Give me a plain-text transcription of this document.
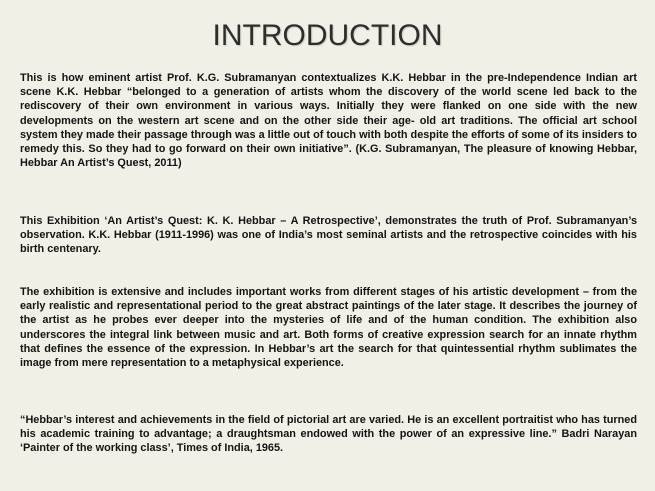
INTRODUCTION

This is how eminent artist Prof. K.G. Subramanyan contextualizes K.K. Hebbar in the pre-Independence Indian art scene K.K. Hebbar “belonged to a generation of artists whom the discovery of the world scene led back to the rediscovery of their own environment in various ways. Initially they were flanked on one side with the new developments on the western art scene and on the other side their age- old art traditions. The official art school system they made their passage through was a little out of touch with both despite the efforts of some of its insiders to remedy this. So they had to go forward on their own initiative”. (K.G. Subramanyan, The pleasure of knowing Hebbar, Hebbar An Artist’s Quest, 2011)

This Exhibition ‘An Artist’s Quest: K. K. Hebbar – A Retrospective’, demonstrates the truth of Prof. Subramanyan’s observation. K.K. Hebbar (1911-1996) was one of India’s most seminal artists and the retrospective coincides with his birth centenary.

The exhibition is extensive and includes important works from different stages of his artistic development – from the early realistic and representational period to the great abstract paintings of the later stage. It describes the journey of the artist as he probes ever deeper into the mysteries of life and of the human condition. The exhibition also underscores the integral link between music and art. Both forms of creative expression search for an innate rhythm that defines the essence of the expression. In Hebbar’s art the search for that quintessential rhythm sublimates the image from mere representation to a metaphysical experience.

“Hebbar’s interest and achievements in the field of pictorial art are varied. He is an excellent portraitist who has turned his academic training to advantage; a draughtsman endowed with the power of an expressive line.” Badri Narayan ‘Painter of the working class’, Times of India, 1965.
